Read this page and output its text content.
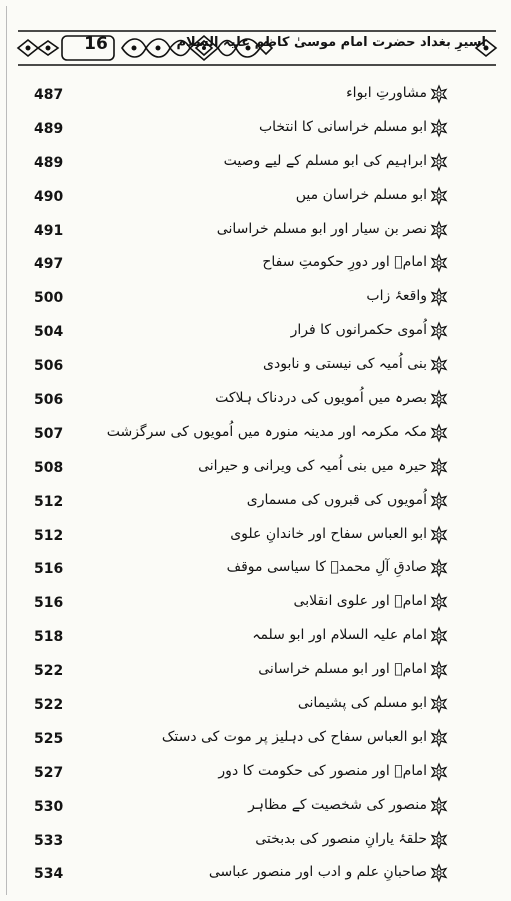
16	اسیرِ بغداد حضرت امام موسیٰ کاظم علیہ السلام
487	مشاورتِ ابواء
489	ابو مسلم خراسانی کا انتخاب
489	ابراہیم کی ابو مسلم کے لیے وصیت
490	ابو مسلم خراسان میں
491	نصر بن سیار اور ابو مسلم خراسانی
497	امامؑ اور دورِ حکومتِ سفاح
500	واقعۂ زاب
504	اُموی حکمرانوں کا فرار
506	بنی اُمیہ کی نیستی و نابودی
506	بصرہ میں اُمویوں کی دردناک ہلاکت
507	مکہ مکرمہ اور مدینہ منورہ میں اُمویوں کی سرگزشت
508	حیرہ میں بنی اُمیہ کی ویرانی و حیرانی
512	اُمویوں کی قبروں کی مسماری
512	ابو العباس سفاح اور خاندانِ علوی
516	صادقِ آلِ محمدؐ کا سیاسی موقف
516	امامؑ اور علوی انقلابی
518	امام علیہ السلام اور ابو سلمہ
522	امامؑ اور ابو مسلم خراسانی
522	ابو مسلم کی پشیمانی
525	ابو العباس سفاح کی دہلیز پر موت کی دستک
527	امامؑ اور منصور کی حکومت کا دور
530	منصور کی شخصیت کے مظاہر
533	حلقۂ یارانِ منصور کی بدبختی
534	صاحبانِ علم و ادب اور منصور عباسی
